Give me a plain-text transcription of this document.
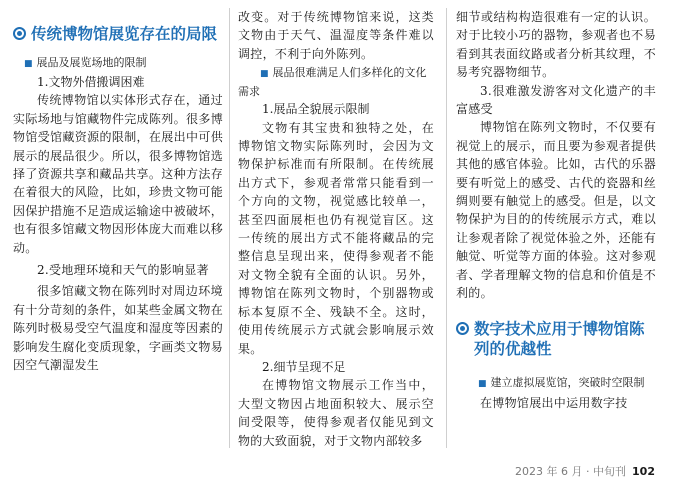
传统博物馆展览存在的局限

■ 展品及展览场地的限制

1.文物外借搬调困难

传统博物馆以实体形式存在，通过实际场地与馆藏物件完成陈列。很多博物馆受馆藏资源的限制，在展出中可供展示的展品很少。所以，很多博物馆选择了资源共享和藏品共享。这种方法存在着很大的风险，比如，珍贵文物可能因保护措施不足造成运输途中被破坏，也有很多馆藏文物因形体庞大而难以移动。

2.受地理环境和天气的影响显著

很多馆藏文物在陈列时对周边环境有十分苛刻的条件，如某些金属文物在陈列时极易受空气温度和湿度等因素的影响发生腐化变质现象，字画类文物易因空气潮湿发生

改变。对于传统博物馆来说，这类文物由于天气、温湿度等条件难以调控，不利于向外陈列。

■ 展品很难满足人们多样化的文化需求

1.展品全貌展示限制

文物有其宝贵和独特之处，在博物馆文物实际陈列时，会因为文物保护标准而有所限制。在传统展出方式下，参观者常常只能看到一个方向的文物，视觉感比较单一，甚至四面展柜也仍有视觉盲区。这一传统的展出方式不能将藏品的完整信息呈现出来，使得参观者不能对文物全貌有全面的认识。另外，博物馆在陈列文物时，个别器物或标本复原不全、残缺不全。这时，使用传统展示方式就会影响展示效果。

2.细节呈现不足

在博物馆文物展示工作当中，大型文物因占地面积较大、展示空间受限等，使得参观者仅能见到文物的大致面貌，对于文物内部较多

细节或结构构造很难有一定的认识。对于比较小巧的器物，参观者也不易看到其表面纹路或者分析其纹理，不易考究器物细节。

3.很难激发游客对文化遗产的丰富感受

博物馆在陈列文物时，不仅要有视觉上的展示，而且要为参观者提供其他的感官体验。比如，古代的乐器要有听觉上的感受、古代的瓷器和丝绸则要有触觉上的感受。但是，以文物保护为目的的传统展示方式，难以让参观者除了视觉体验之外，还能有触觉、听觉等方面的体验。这对参观者、学者理解文物的信息和价值是不利的。

数字技术应用于博物馆陈列的优越性

■ 建立虚拟展览馆，突破时空限制

在博物馆展出中运用数字技

2023 年 6 月 · 中旬刊 102
